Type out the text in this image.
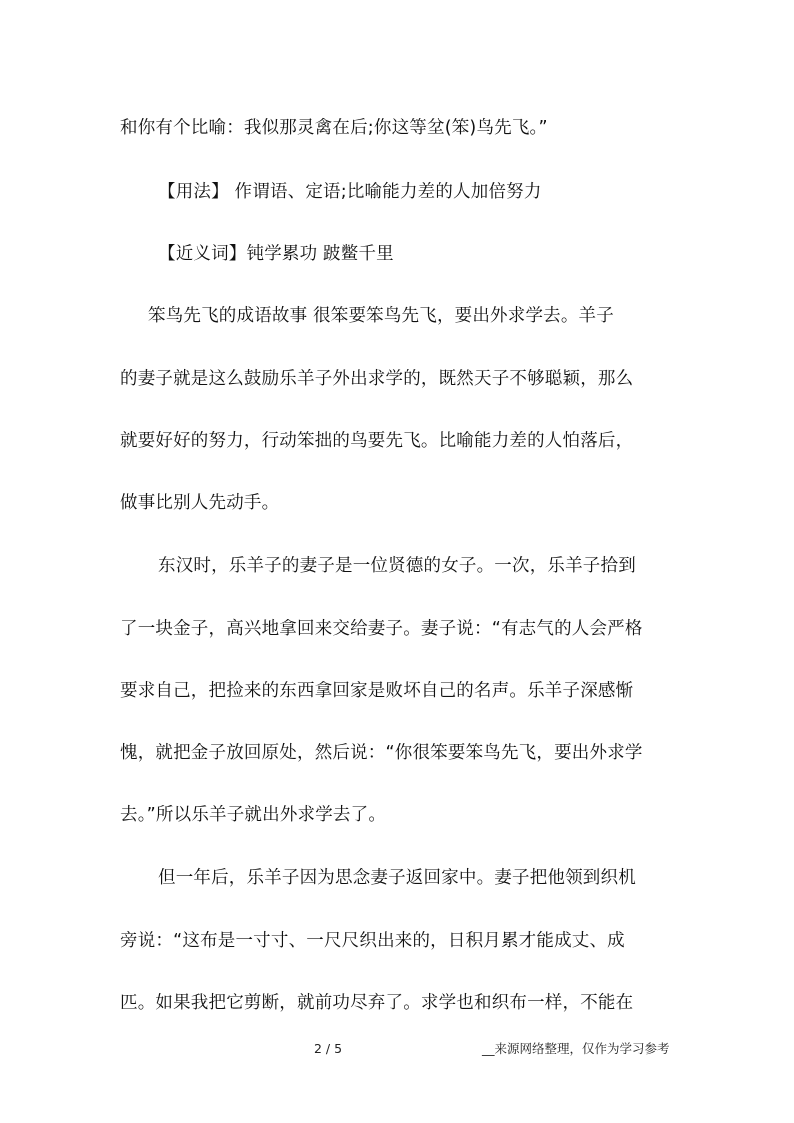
和你有个比喻：我似那灵禽在后;你这等坌(笨)鸟先飞。”
【用法】 作谓语、定语;比喻能力差的人加倍努力
【近义词】钝学累功 跛鳖千里
笨鸟先飞的成语故事 很笨要笨鸟先飞，要出外求学去。羊子
的妻子就是这么鼓励乐羊子外出求学的，既然天子不够聪颖，那么
就要好好的努力，行动笨拙的鸟要先飞。比喻能力差的人怕落后，
做事比别人先动手。
东汉时，乐羊子的妻子是一位贤德的女子。一次，乐羊子拾到
了一块金子，高兴地拿回来交给妻子。妻子说：“有志气的人会严格
要求自己，把捡来的东西拿回家是败坏自己的名声。乐羊子深感惭
愧，就把金子放回原处，然后说：“你很笨要笨鸟先飞，要出外求学
去。”所以乐羊子就出外求学去了。
但一年后，乐羊子因为思念妻子返回家中。妻子把他领到织机
旁说：“这布是一寸寸、一尺尺织出来的，日积月累才能成丈、成
匹。如果我把它剪断，就前功尽弃了。求学也和织布一样，不能在
2 / 5	__来源网络整理，仅作为学习参考
